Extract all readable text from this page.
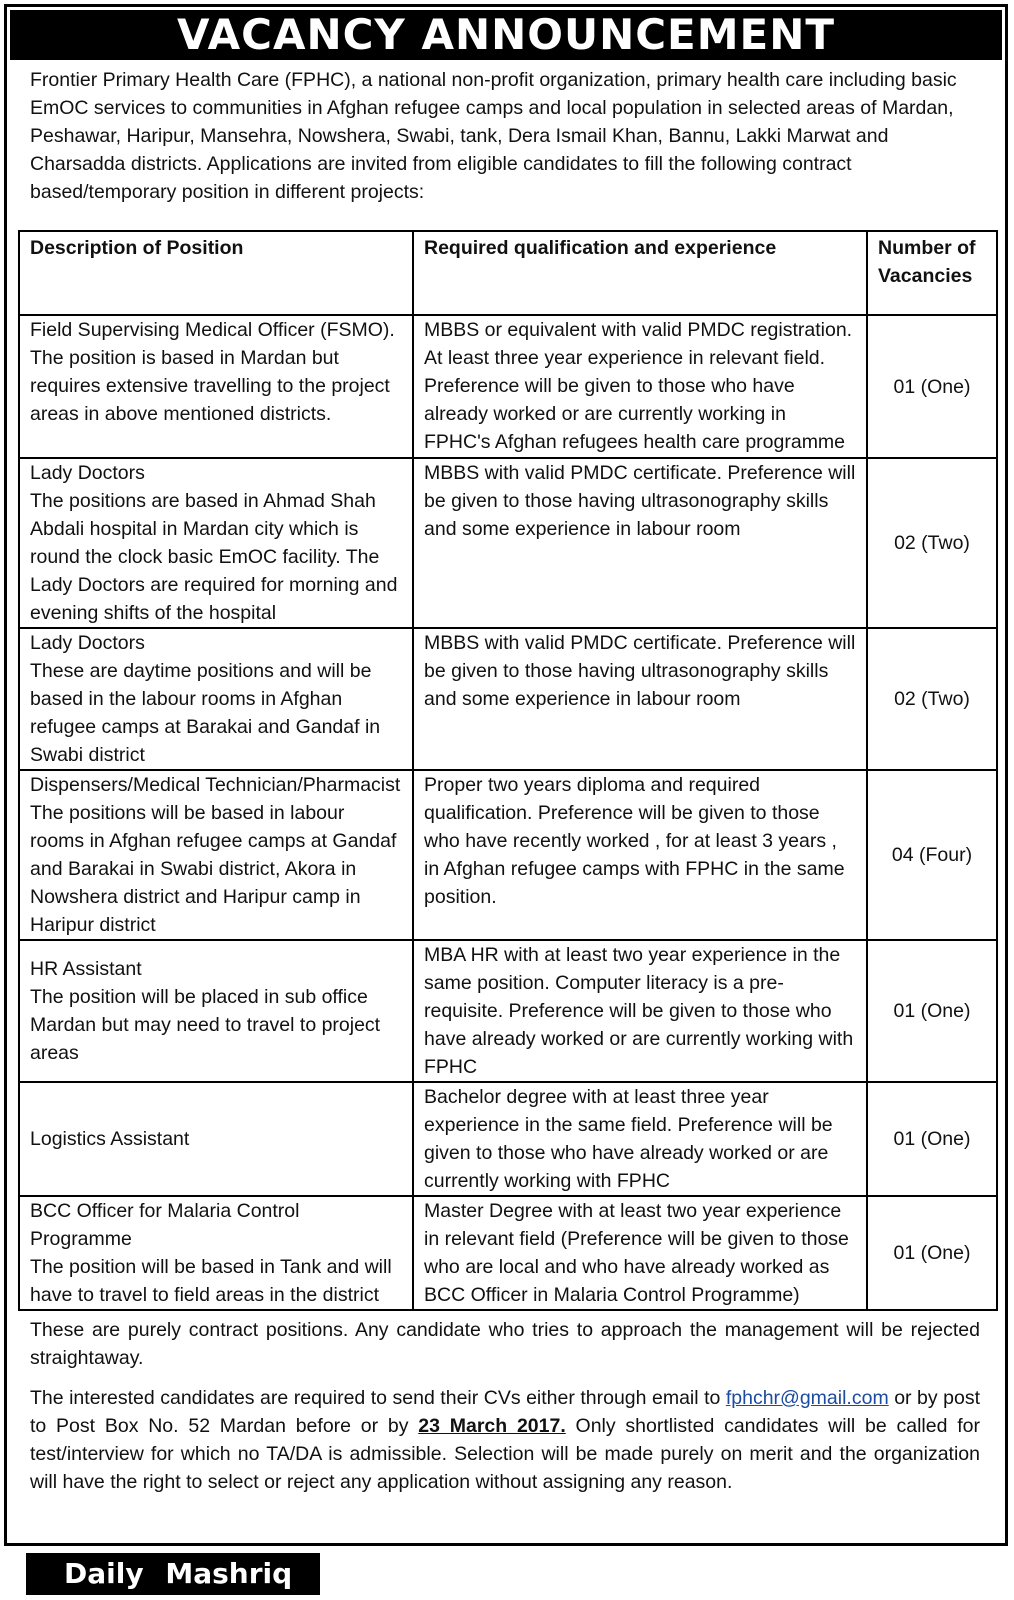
VACANCY ANNOUNCEMENT
Frontier Primary Health Care (FPHC), a national non-profit organization, primary health care including basic EmOC services to communities in Afghan refugee camps and local population in selected areas of Mardan, Peshawar, Haripur, Mansehra, Nowshera, Swabi, tank, Dera Ismail Khan, Bannu, Lakki Marwat and Charsadda districts. Applications are invited from eligible candidates to fill the following contract based/temporary position in different projects:
Description of Position	Required qualification and experience	Number of Vacancies

Field Supervising Medical Officer (FSMO).
The position is based in Mardan but requires extensive travelling to the project areas in above mentioned districts.	MBBS or equivalent with valid PMDC registration. At least three year experience in relevant field. Preference will be given to those who have already worked or are currently working in FPHC's Afghan refugees health care programme	01 (One)

Lady Doctors
The positions are based in Ahmad Shah Abdali hospital in Mardan city which is round the clock basic EmOC facility. The Lady Doctors are required for morning and evening shifts of the hospital	MBBS with valid PMDC certificate. Preference will be given to those having ultrasonography skills and some experience in labour room	02 (Two)

Lady Doctors
These are daytime positions and will be based in the labour rooms in Afghan refugee camps at Barakai and Gandaf in Swabi district	MBBS with valid PMDC certificate. Preference will be given to those having ultrasonography skills and some experience in labour room	02 (Two)

Dispensers/Medical Technician/Pharmacist
The positions will be based in labour rooms in Afghan refugee camps at Gandaf and Barakai in Swabi district, Akora in Nowshera district and Haripur camp in Haripur district	Proper two years diploma and required qualification. Preference will be given to those who have recently worked , for at least 3 years , in Afghan refugee camps with FPHC in the same position.	04 (Four)

HR Assistant
The position will be placed in sub office Mardan but may need to travel to project areas	MBA HR with at least two year experience in the same position. Computer literacy is a pre-requisite. Preference will be given to those who have already worked or are currently working with FPHC	01 (One)

Logistics Assistant	Bachelor degree with at least three year experience in the same field. Preference will be given to those who have already worked or are currently working with FPHC	01 (One)

BCC Officer for Malaria Control Programme
The position will be based in Tank and will have to travel to field areas in the district	Master Degree with at least two year experience in relevant field (Preference will be given to those who are local and who have already worked as BCC Officer in Malaria Control Programme)	01 (One)
These are purely contract positions. Any candidate who tries to approach the management will be rejected straightaway.
The interested candidates are required to send their CVs either through email to fphchr@gmail.com or by post to Post Box No. 52 Mardan before or by 23 March 2017. Only shortlisted candidates will be called for test/interview for which no TA/DA is admissible. Selection will be made purely on merit and the organization will have the right to select or reject any application without assigning any reason.
Daily Mashriq
